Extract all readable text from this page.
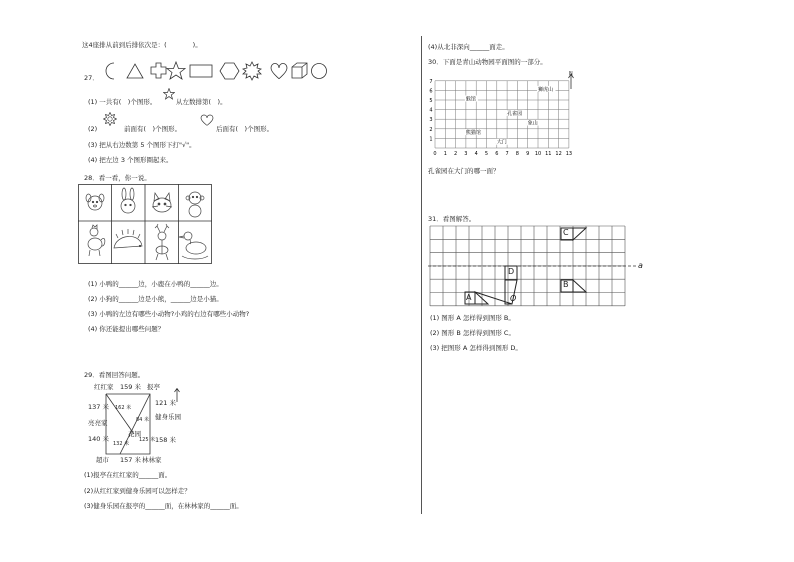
这4座排从前到后排依次是：(　　　　)。
27．
(1) 一共有(　)个图形。	从左数排第(　)。
(2)	前面有(　)个图形。	后面有(　)个图形。
(3) 把从右边数第 5 个图形下打"√"。
(4) 把左边 3 个图形圈起来。
28．看一看，你一说。
(1) 小鸭的______边，小鹿在小鸭的______边。
(2) 小狗的______边是小熊，______边是小猫。
(3) 小鸭的左边有哪些小动物?小鸡的右边有哪些小动物?
(4) 你还能提出哪些问题？
29．看图回答问题。
红红家 159 米 报亭
137 米
亮亮家
140 米
121 米
健身乐园
158 米
花园
超市 157 米 林林家
162 米
84 米
132 米
125 米
(1)报亭在红红家的______面。
(2)从红红家到健身乐园可以怎样走？
(3)健身乐园在报亭的______面，在林林家的______面。
(4)从北非深向______面走。
30．下面是青山动物园平面图的一部分。
0 1 2 3 4 5 6 7 8 9 10 11 12 13
1
2
3
4
5
6
7
熊猫馆
猴馆
孔雀园
狮虎山
象山
大门
N
孔雀园在大门的哪一面？
31．看图解答。
A
B
C
D
O
a
(1) 图形 A 怎样得到图形 B。
(2) 图形 B 怎样得到图形 C。
(3) 把图形 A 怎样得到图形 D。
